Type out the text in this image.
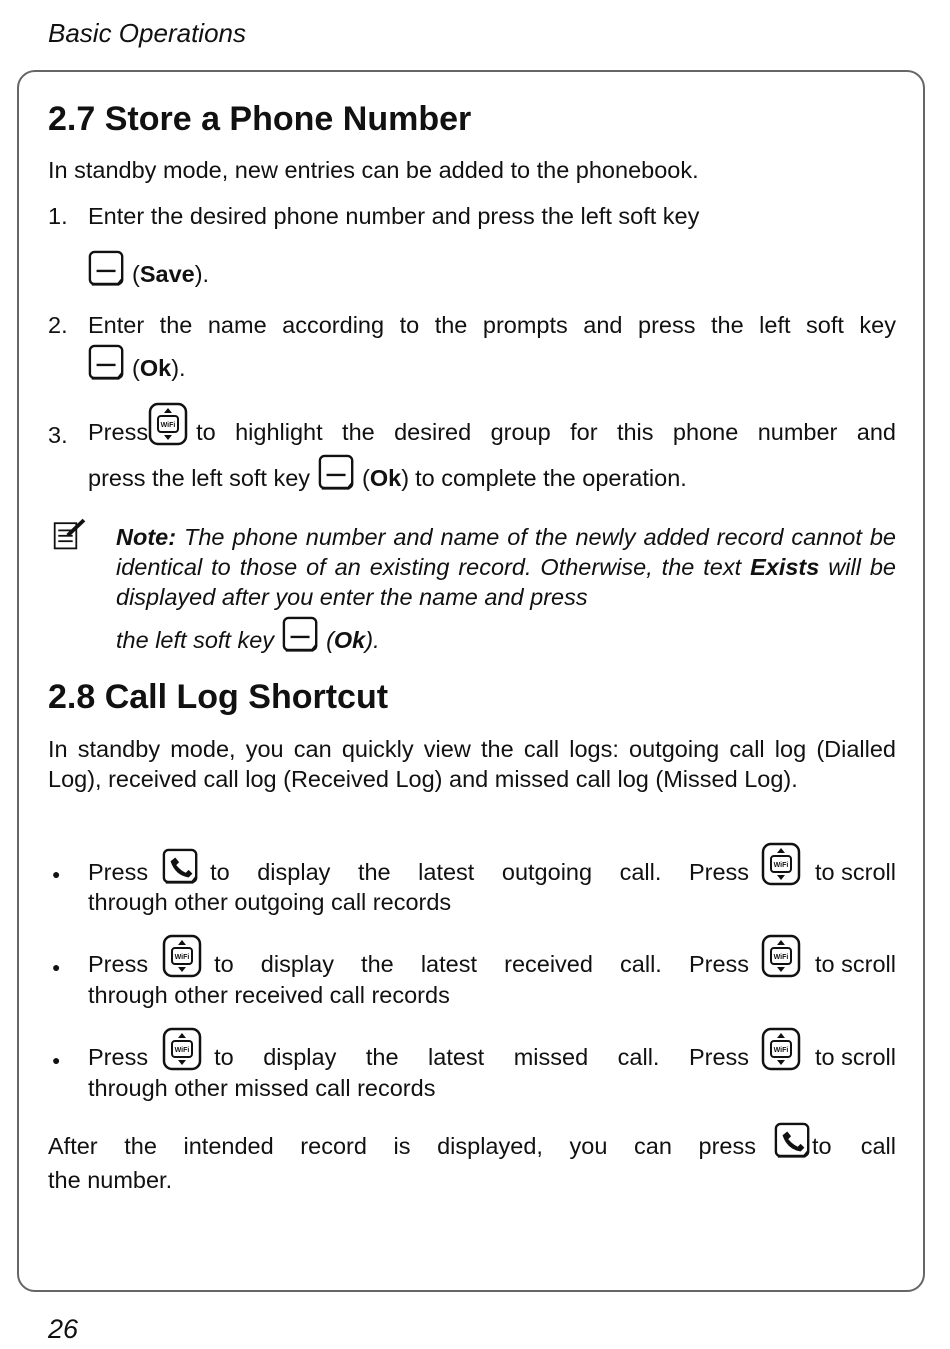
Basic Operations
2.7 Store a Phone Number
In standby mode, new entries can be added to the phonebook.
1. Enter the desired phone number and press the left soft key
(Save).
2. Enter the name according to the prompts and press the left soft key
(Ok).
3. Press to highlight the desired group for this phone number and
press the left soft key (Ok) to complete the operation.
Note: The phone number and name of the newly added record cannot be identical to those of an existing record. Otherwise, the text Exists will be displayed after you enter the name and press
the left soft key (Ok).
2.8 Call Log Shortcut
In standby mode, you can quickly view the call logs: outgoing call log (Dialled Log), received call log (Received Log) and missed call log (Missed Log).
● Press	to display the latest outgoing call. Press	to scroll
through other outgoing call records
● Press	to display the latest received call. Press	to scroll
through other received call records
● Press	to display the latest missed call. Press	to scroll
through other missed call records
After the intended record is displayed, you can press to call
the number.
26
